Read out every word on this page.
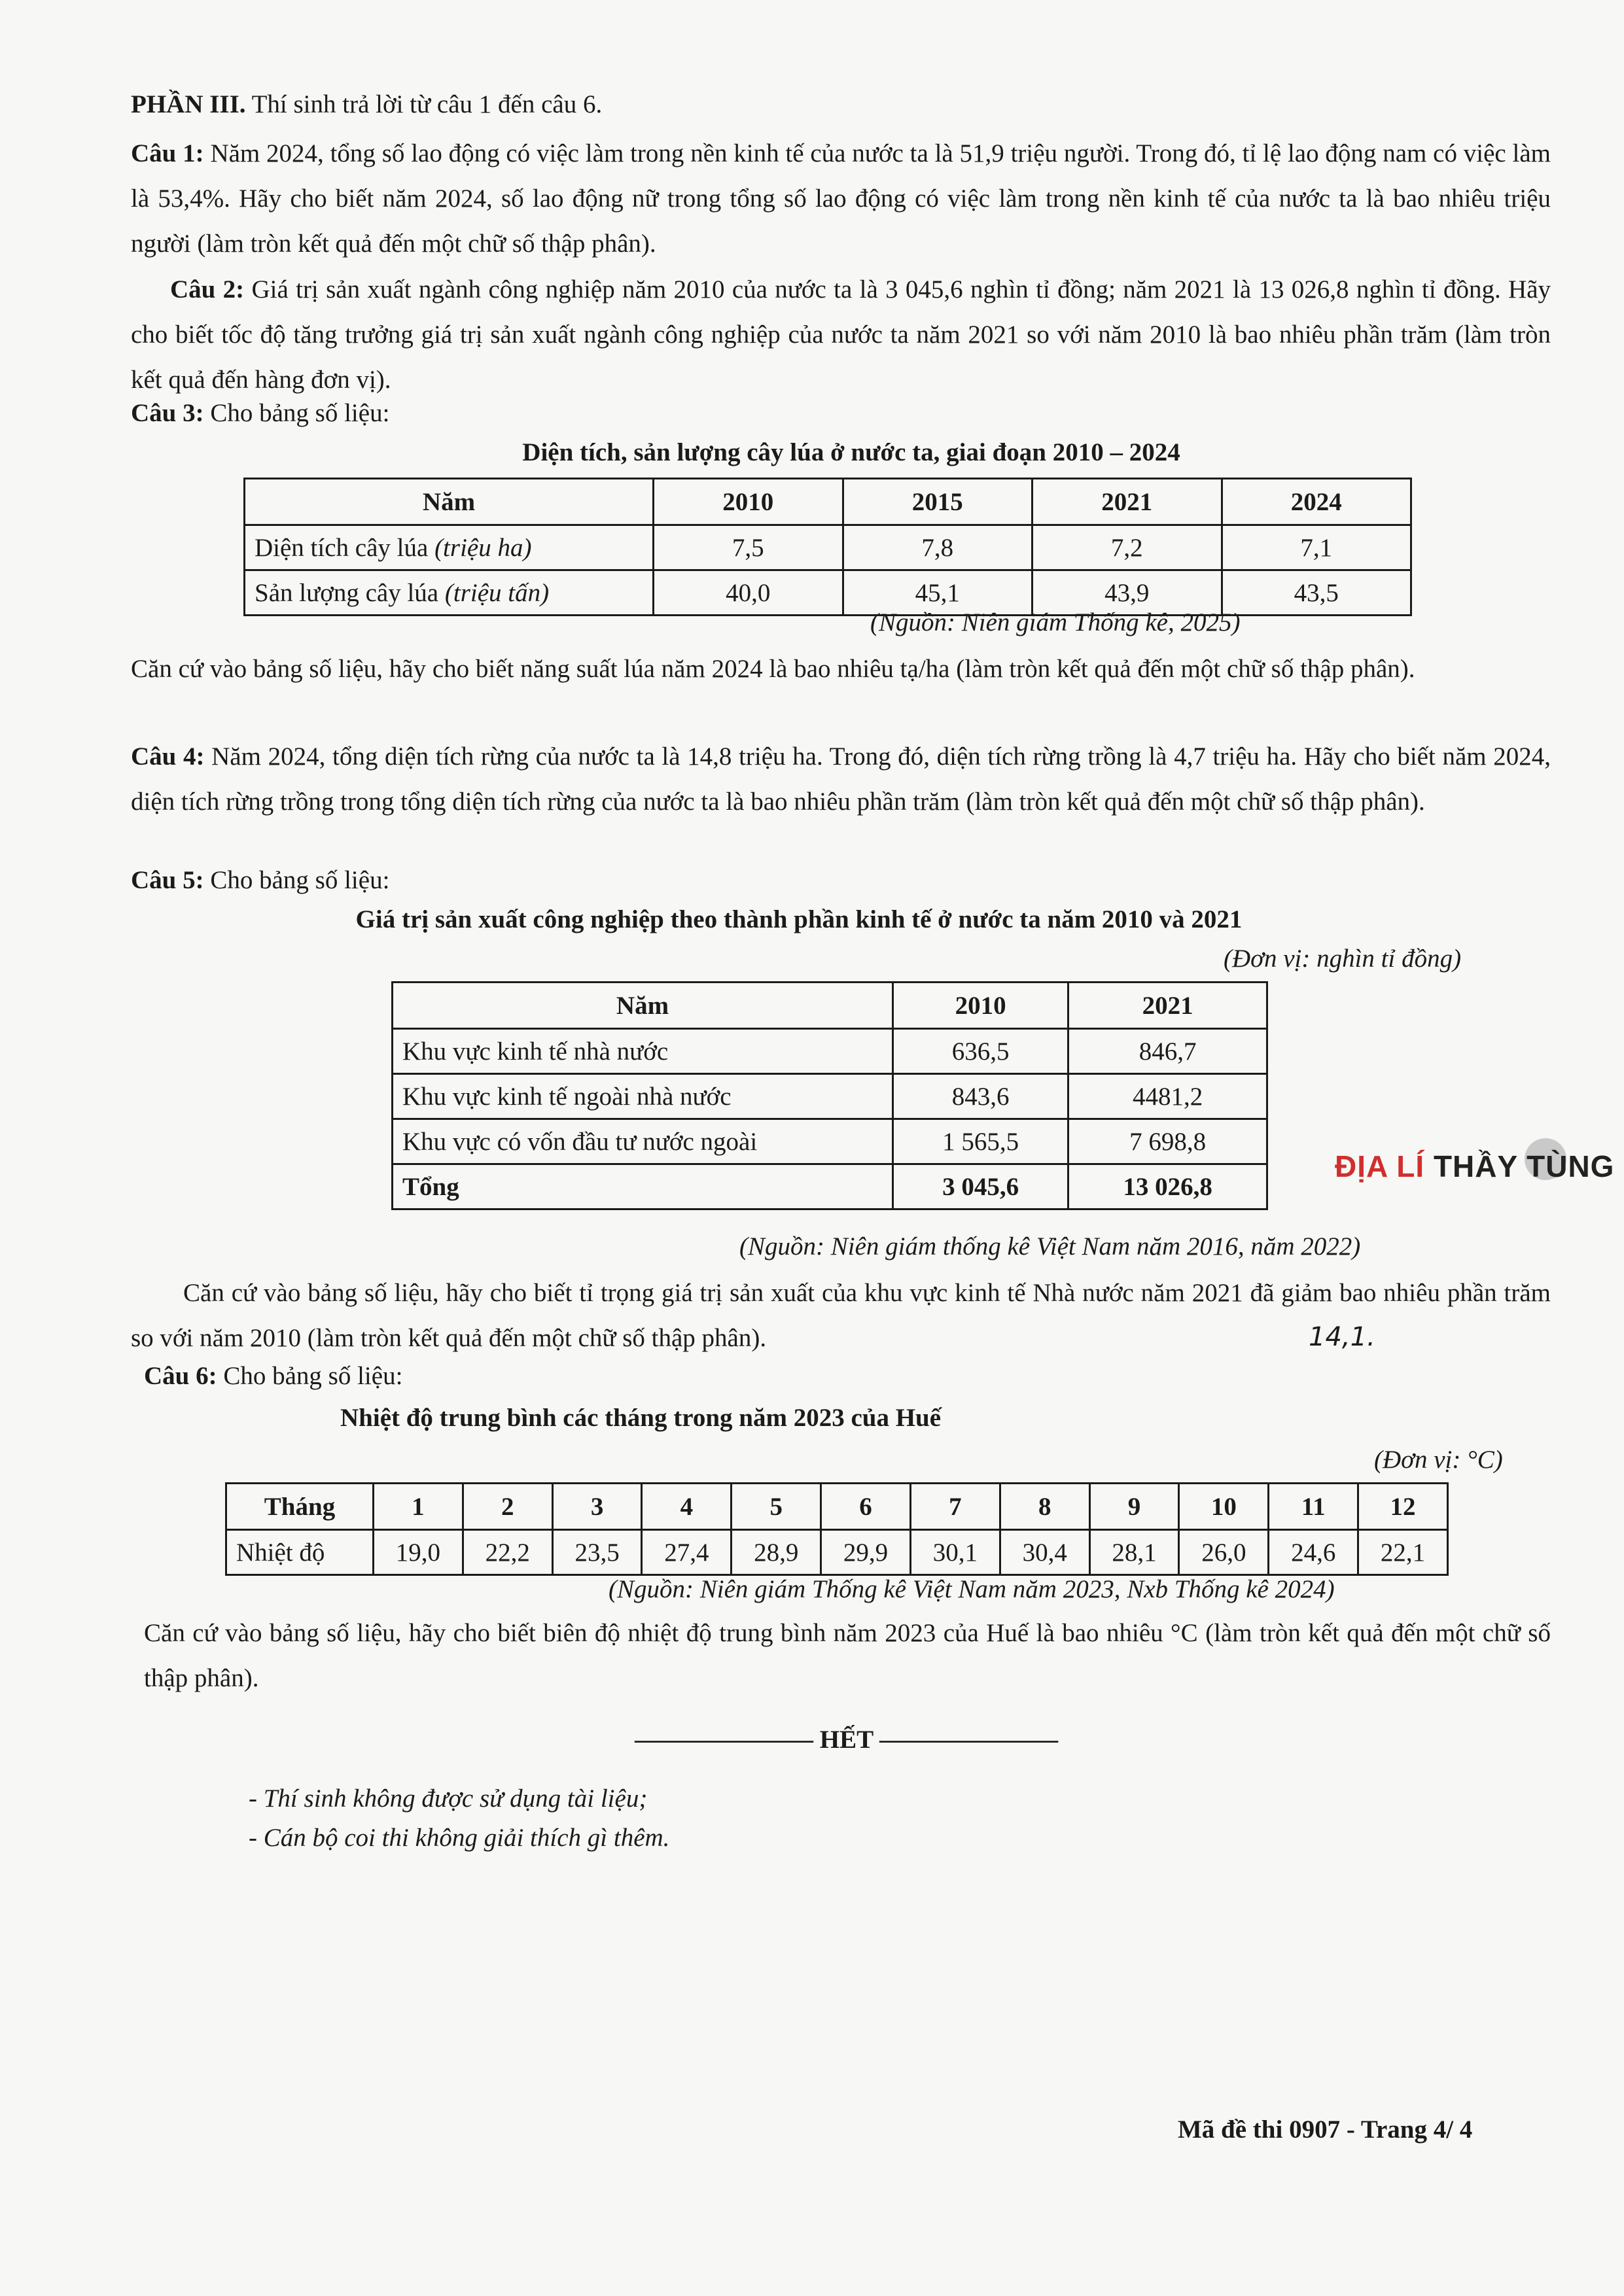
PHẦN III. Thí sinh trả lời từ câu 1 đến câu 6.
Câu 1: Năm 2024, tổng số lao động có việc làm trong nền kinh tế của nước ta là 51,9 triệu người. Trong đó, tỉ lệ lao động nam có việc làm là 53,4%. Hãy cho biết năm 2024, số lao động nữ trong tổng số lao động có việc làm trong nền kinh tế của nước ta là bao nhiêu triệu người (làm tròn kết quả đến một chữ số thập phân).
Câu 2: Giá trị sản xuất ngành công nghiệp năm 2010 của nước ta là 3 045,6 nghìn tỉ đồng; năm 2021 là 13 026,8 nghìn tỉ đồng. Hãy cho biết tốc độ tăng trưởng giá trị sản xuất ngành công nghiệp của nước ta năm 2021 so với năm 2010 là bao nhiêu phần trăm (làm tròn kết quả đến hàng đơn vị).
Câu 3: Cho bảng số liệu:
Diện tích, sản lượng cây lúa ở nước ta, giai đoạn 2010 – 2024
Năm	2010	2015	2021	2024
Diện tích cây lúa (triệu ha)	7,5	7,8	7,2	7,1
Sản lượng cây lúa (triệu tấn)	40,0	45,1	43,9	43,5
(Nguồn: Niên giám Thống kê, 2025)
Căn cứ vào bảng số liệu, hãy cho biết năng suất lúa năm 2024 là bao nhiêu tạ/ha (làm tròn kết quả đến một chữ số thập phân).
Câu 4: Năm 2024, tổng diện tích rừng của nước ta là 14,8 triệu ha. Trong đó, diện tích rừng trồng là 4,7 triệu ha. Hãy cho biết năm 2024, diện tích rừng trồng trong tổng diện tích rừng của nước ta là bao nhiêu phần trăm (làm tròn kết quả đến một chữ số thập phân).
Câu 5: Cho bảng số liệu:
Giá trị sản xuất công nghiệp theo thành phần kinh tế ở nước ta năm 2010 và 2021
(Đơn vị: nghìn tỉ đồng)
Năm	2010	2021
Khu vực kinh tế nhà nước	636,5	846,7
Khu vực kinh tế ngoài nhà nước	843,6	4481,2
Khu vực có vốn đầu tư nước ngoài	1 565,5	7 698,8
Tổng	3 045,6	13 026,8
ĐỊA LÍ THẦY TÙNG
(Nguồn: Niên giám thống kê Việt Nam năm 2016, năm 2022)
Căn cứ vào bảng số liệu, hãy cho biết tỉ trọng giá trị sản xuất của khu vực kinh tế Nhà nước năm 2021 đã giảm bao nhiêu phần trăm so với năm 2010 (làm tròn kết quả đến một chữ số thập phân).	14,1.
Câu 6: Cho bảng số liệu:
Nhiệt độ trung bình các tháng trong năm 2023 của Huế
(Đơn vị: °C)
Tháng	1	2	3	4	5	6	7	8	9	10	11	12
Nhiệt độ	19,0	22,2	23,5	27,4	28,9	29,9	30,1	30,4	28,1	26,0	24,6	22,1
(Nguồn: Niên giám Thống kê Việt Nam năm 2023, Nxb Thống kê 2024)
Căn cứ vào bảng số liệu, hãy cho biết biên độ nhiệt độ trung bình năm 2023 của Huế là bao nhiêu °C (làm tròn kết quả đến một chữ số thập phân).
——————— HẾT ———————
- Thí sinh không được sử dụng tài liệu;
- Cán bộ coi thi không giải thích gì thêm.
Mã đề thi 0907 - Trang 4/ 4
